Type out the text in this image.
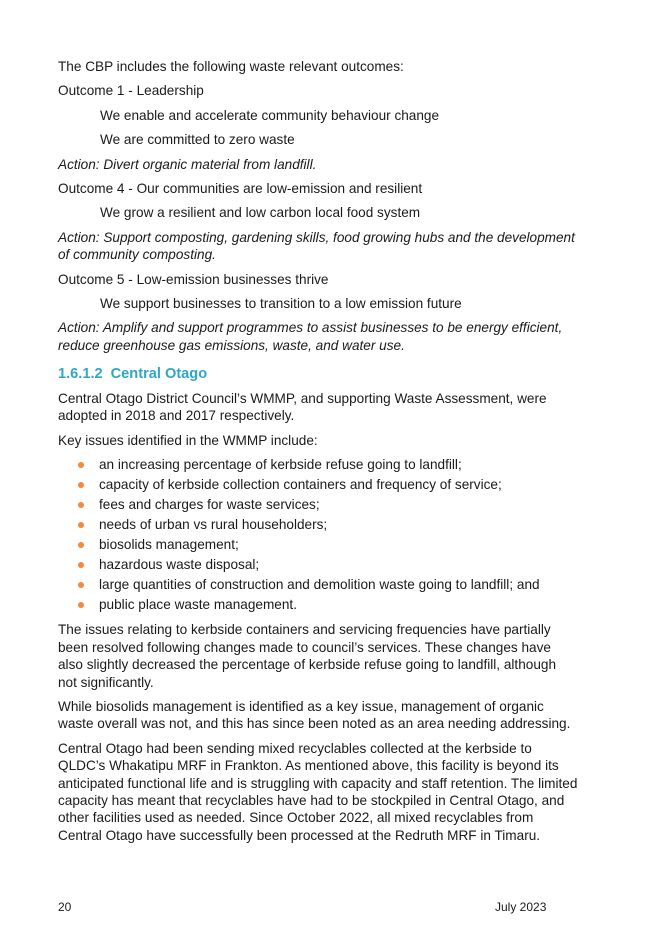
The CBP includes the following waste relevant outcomes:

Outcome 1 - Leadership

We enable and accelerate community behaviour change

We are committed to zero waste

Action: Divert organic material from landfill.

Outcome 4 - Our communities are low-emission and resilient

We grow a resilient and low carbon local food system

Action: Support composting, gardening skills, food growing hubs and the development of community composting.

Outcome 5 - Low-emission businesses thrive

We support businesses to transition to a low emission future

Action: Amplify and support programmes to assist businesses to be energy efficient, reduce greenhouse gas emissions, waste, and water use.

1.6.1.2 Central Otago

Central Otago District Council’s WMMP, and supporting Waste Assessment, were adopted in 2018 and 2017 respectively.

Key issues identified in the WMMP include:

an increasing percentage of kerbside refuse going to landfill;
capacity of kerbside collection containers and frequency of service;
fees and charges for waste services;
needs of urban vs rural householders;
biosolids management;
hazardous waste disposal;
large quantities of construction and demolition waste going to landfill; and
public place waste management.

The issues relating to kerbside containers and servicing frequencies have partially been resolved following changes made to council’s services. These changes have also slightly decreased the percentage of kerbside refuse going to landfill, although not significantly.

While biosolids management is identified as a key issue, management of organic waste overall was not, and this has since been noted as an area needing addressing.

Central Otago had been sending mixed recyclables collected at the kerbside to QLDC’s Whakatipu MRF in Frankton. As mentioned above, this facility is beyond its anticipated functional life and is struggling with capacity and staff retention. The limited capacity has meant that recyclables have had to be stockpiled in Central Otago, and other facilities used as needed. Since October 2022, all mixed recyclables from Central Otago have successfully been processed at the Redruth MRF in Timaru.

20	July 2023
